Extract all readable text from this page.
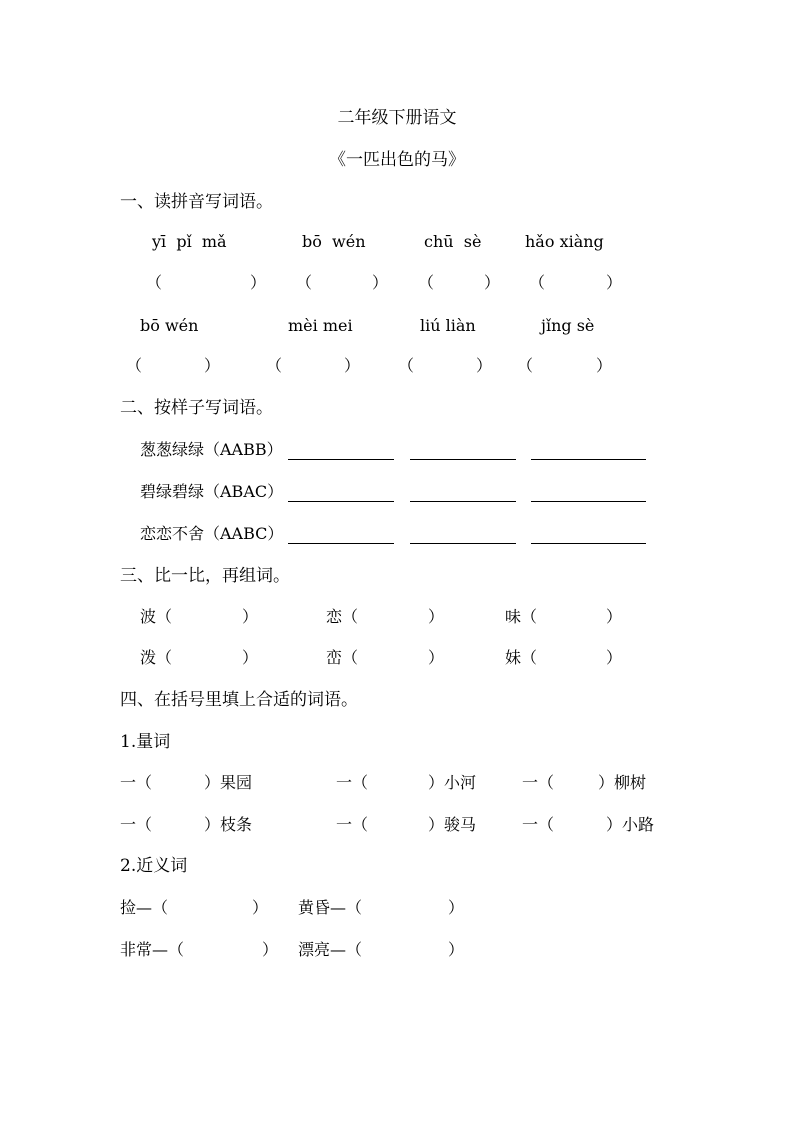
二年级下册语文
《一匹出色的马》
一、读拼音写词语。
yī  pǐ  mǎ	bō  wén	chū  sè	hǎo xiàng
（	） （	） （	） （	）
bō wén	mèi mei	liú liàn	jǐng sè
（	）	（	） （	） （	）
二、按样子写词语。
葱葱绿绿（AABB）
碧绿碧绿（ABAC）
恋恋不舍（AABC）
三、比一比，再组词。
波（	）	恋（	）	味（	）
泼（	）	峦（	）	妹（	）
四、在括号里填上合适的词语。
1.量词
一（	）果园	一（	）小河	一（	）柳树
一（	）枝条	一（	）骏马	一（	）小路
2.近义词
捡—（	） 黄昏—（	）
非常—（	） 漂亮—（	）
